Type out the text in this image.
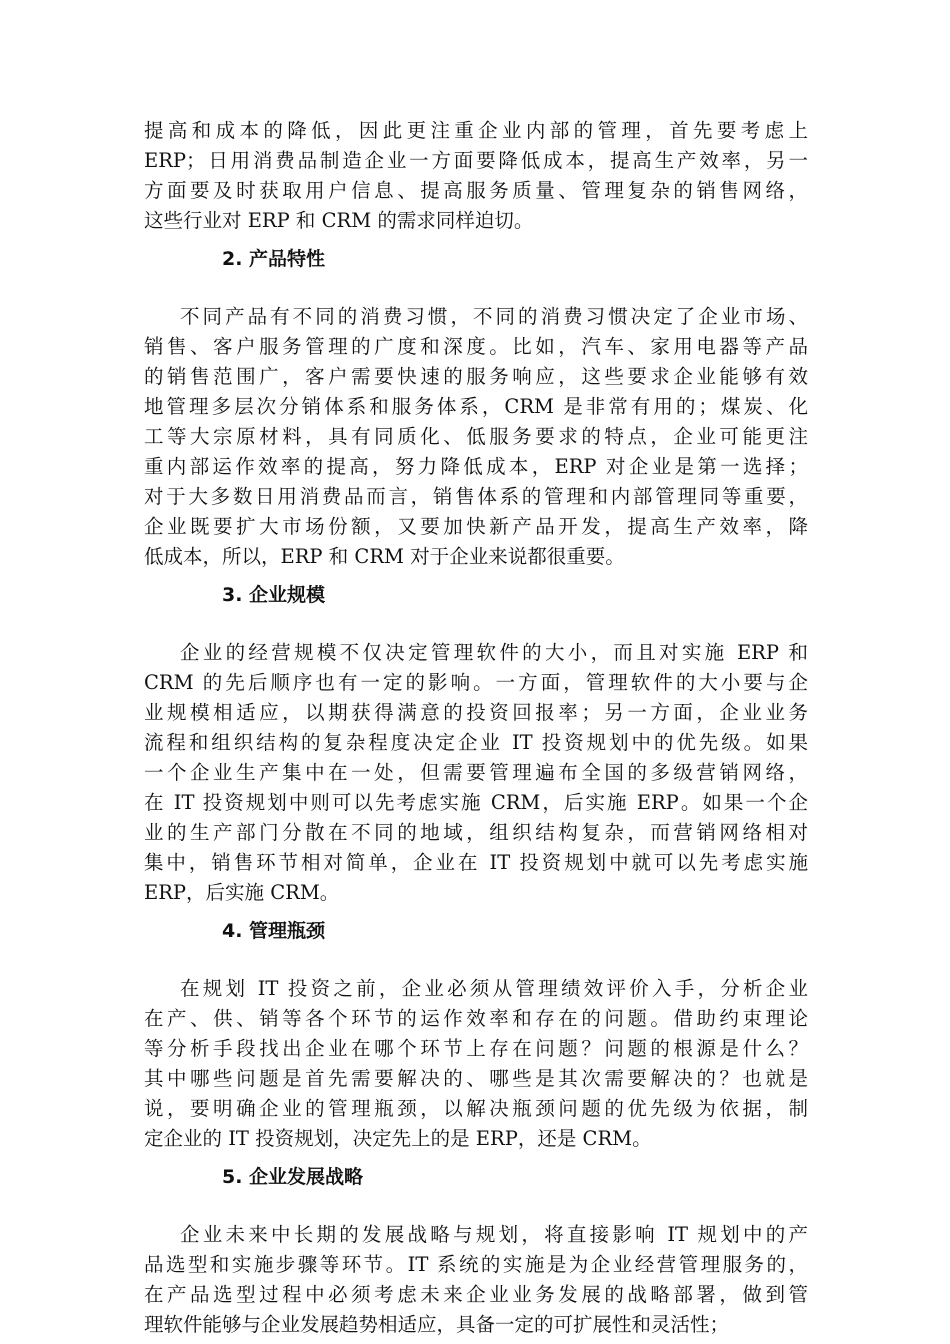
提高和成本的降低，因此更注重企业内部的管理，首先要考虑上
ERP；日用消费品制造企业一方面要降低成本，提高生产效率，另一
方面要及时获取用户信息、提高服务质量、管理复杂的销售网络，
这些行业对 ERP 和 CRM 的需求同样迫切。
2. 产品特性
不同产品有不同的消费习惯，不同的消费习惯决定了企业市场、
销售、客户服务管理的广度和深度。比如，汽车、家用电器等产品
的销售范围广，客户需要快速的服务响应，这些要求企业能够有效
地管理多层次分销体系和服务体系，CRM 是非常有用的；煤炭、化
工等大宗原材料，具有同质化、低服务要求的特点，企业可能更注
重内部运作效率的提高，努力降低成本，ERP 对企业是第一选择；
对于大多数日用消费品而言，销售体系的管理和内部管理同等重要，
企业既要扩大市场份额，又要加快新产品开发，提高生产效率，降
低成本，所以，ERP 和 CRM 对于企业来说都很重要。
3. 企业规模
企业的经营规模不仅决定管理软件的大小，而且对实施 ERP 和
CRM 的先后顺序也有一定的影响。一方面，管理软件的大小要与企
业规模相适应，以期获得满意的投资回报率；另一方面，企业业务
流程和组织结构的复杂程度决定企业 IT 投资规划中的优先级。如果
一个企业生产集中在一处，但需要管理遍布全国的多级营销网络，
在 IT 投资规划中则可以先考虑实施 CRM，后实施 ERP。如果一个企
业的生产部门分散在不同的地域，组织结构复杂，而营销网络相对
集中，销售环节相对简单，企业在 IT 投资规划中就可以先考虑实施
ERP，后实施 CRM。
4. 管理瓶颈
在规划 IT 投资之前，企业必须从管理绩效评价入手，分析企业
在产、供、销等各个环节的运作效率和存在的问题。借助约束理论
等分析手段找出企业在哪个环节上存在问题？问题的根源是什么？
其中哪些问题是首先需要解决的、哪些是其次需要解决的？也就是
说，要明确企业的管理瓶颈，以解决瓶颈问题的优先级为依据，制
定企业的 IT 投资规划，决定先上的是 ERP，还是 CRM。
5. 企业发展战略
企业未来中长期的发展战略与规划，将直接影响 IT 规划中的产
品选型和实施步骤等环节。IT 系统的实施是为企业经营管理服务的，
在产品选型过程中必须考虑未来企业业务发展的战略部署，做到管
理软件能够与企业发展趋势相适应，具备一定的可扩展性和灵活性；
